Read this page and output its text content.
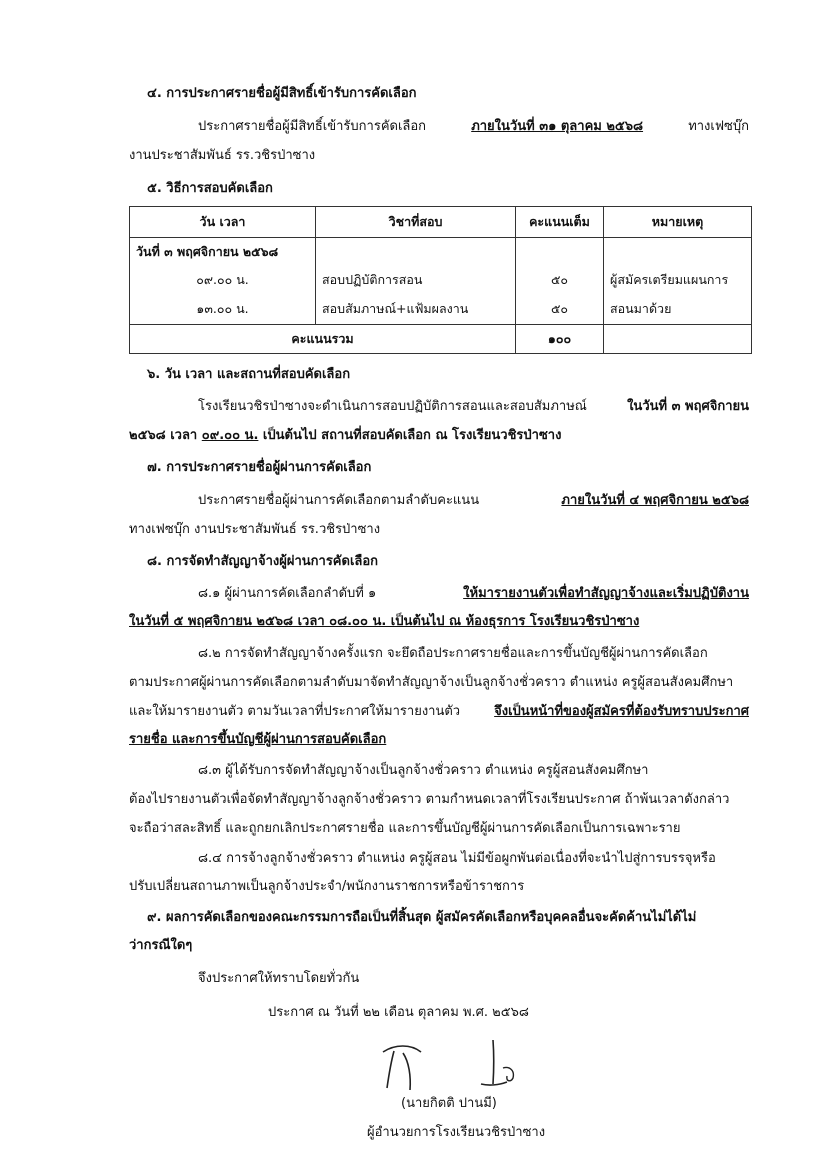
๔. การประกาศรายชื่อผู้มีสิทธิ์เข้ารับการคัดเลือก
ประกาศรายชื่อผู้มีสิทธิ์เข้ารับการคัดเลือก	ภายในวันที่ ๓๑ ตุลาคม ๒๕๖๘	ทางเฟซบุ๊ก
งานประชาสัมพันธ์ รร.วชิรป่าซาง
๕. วิธีการสอบคัดเลือก
วัน เวลา	วิชาที่สอบ	คะแนนเต็ม	หมายเหตุ
วันที่ ๓ พฤศจิกายน ๒๕๖๘			
๐๙.๐๐ น.	สอบปฏิบัติการสอน	๕๐	ผู้สมัครเตรียมแผนการ
๑๓.๐๐ น.	สอบสัมภาษณ์+แฟ้มผลงาน	๕๐	สอนมาด้วย
คะแนนรวม		๑๐๐	
๖. วัน เวลา และสถานที่สอบคัดเลือก
โรงเรียนวชิรป่าซางจะดำเนินการสอบปฏิบัติการสอนและสอบสัมภาษณ์	ในวันที่ ๓ พฤศจิกายน
๒๕๖๘ เวลา ๐๙.๐๐ น. เป็นต้นไป สถานที่สอบคัดเลือก ณ โรงเรียนวชิรป่าซาง
๗. การประกาศรายชื่อผู้ผ่านการคัดเลือก
ประกาศรายชื่อผู้ผ่านการคัดเลือกตามลำดับคะแนน	ภายในวันที่ ๔ พฤศจิกายน ๒๕๖๘
ทางเฟซบุ๊ก งานประชาสัมพันธ์ รร.วชิรป่าซาง
๘. การจัดทำสัญญาจ้างผู้ผ่านการคัดเลือก
๘.๑ ผู้ผ่านการคัดเลือกลำดับที่ ๑	ให้มารายงานตัวเพื่อทำสัญญาจ้างและเริ่มปฏิบัติงาน
ในวันที่ ๕ พฤศจิกายน ๒๕๖๘ เวลา ๐๘.๐๐ น. เป็นต้นไป ณ ห้องธุรการ โรงเรียนวชิรป่าซาง
๘.๒ การจัดทำสัญญาจ้างครั้งแรก จะยึดถือประกาศรายชื่อและการขึ้นบัญชีผู้ผ่านการคัดเลือก
ตามประกาศผู้ผ่านการคัดเลือกตามลำดับมาจัดทำสัญญาจ้างเป็นลูกจ้างชั่วคราว ตำแหน่ง ครูผู้สอนสังคมศึกษา
และให้มารายงานตัว ตามวันเวลาที่ประกาศให้มารายงานตัว	จึงเป็นหน้าที่ของผู้สมัครที่ต้องรับทราบประกาศ
รายชื่อ และการขึ้นบัญชีผู้ผ่านการสอบคัดเลือก
๘.๓ ผู้ได้รับการจัดทำสัญญาจ้างเป็นลูกจ้างชั่วคราว ตำแหน่ง ครูผู้สอนสังคมศึกษา
ต้องไปรายงานตัวเพื่อจัดทำสัญญาจ้างลูกจ้างชั่วคราว ตามกำหนดเวลาที่โรงเรียนประกาศ ถ้าพ้นเวลาดังกล่าว
จะถือว่าสละสิทธิ์ และถูกยกเลิกประกาศรายชื่อ และการขึ้นบัญชีผู้ผ่านการคัดเลือกเป็นการเฉพาะราย
๘.๔ การจ้างลูกจ้างชั่วคราว ตำแหน่ง ครูผู้สอน ไม่มีข้อผูกพันต่อเนื่องที่จะนำไปสู่การบรรจุหรือ
ปรับเปลี่ยนสถานภาพเป็นลูกจ้างประจำ/พนักงานราชการหรือข้าราชการ
๙. ผลการคัดเลือกของคณะกรรมการถือเป็นที่สิ้นสุด ผู้สมัครคัดเลือกหรือบุคคลอื่นจะคัดค้านไม่ได้ไม่
ว่ากรณีใดๆ
จึงประกาศให้ทราบโดยทั่วกัน
ประกาศ ณ วันที่ ๒๒ เดือน ตุลาคม พ.ศ. ๒๕๖๘
(นายกิตติ ปานมี)
ผู้อำนวยการโรงเรียนวชิรป่าซาง
